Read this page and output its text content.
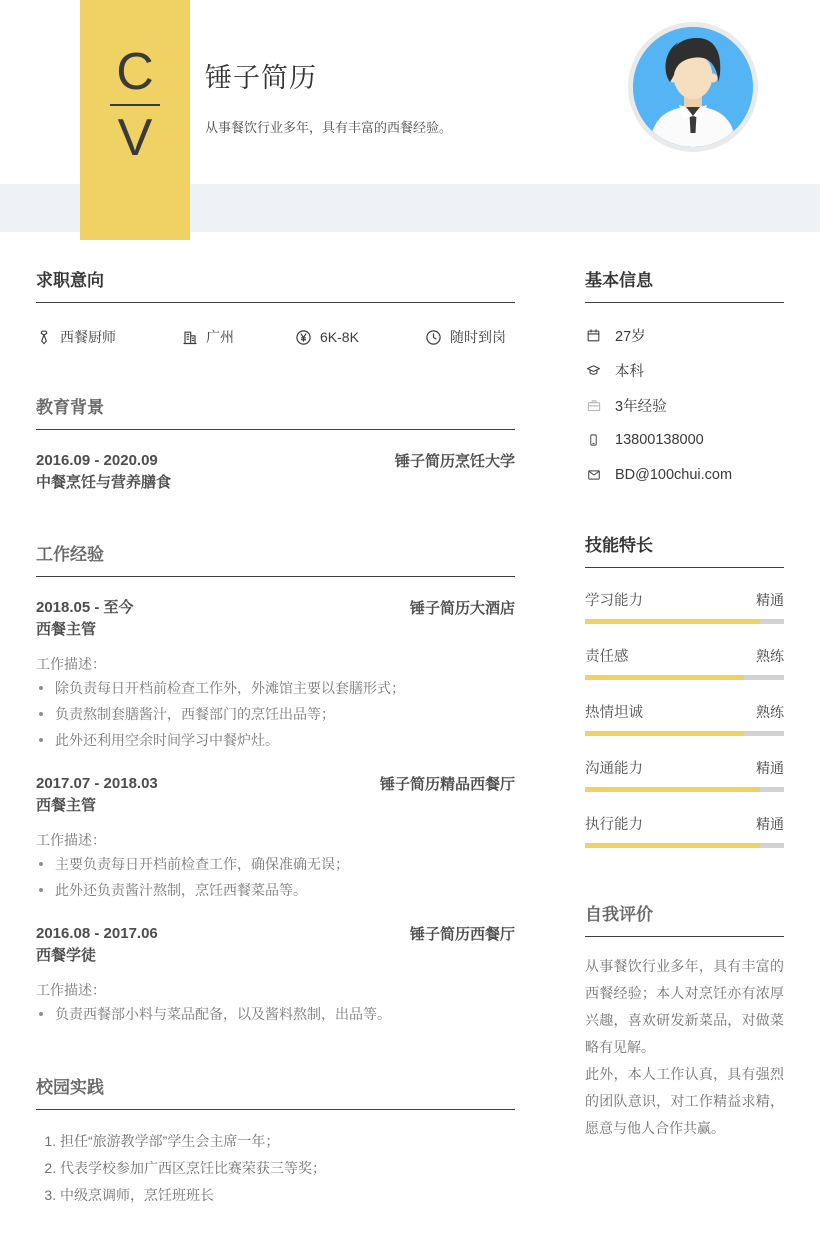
C
V
锤子简历

从事餐饮行业多年，具有丰富的西餐经验。

求职意向
西餐厨师	广州	6K-8K	随时到岗
教育背景
2016.09 - 2020.09
中餐烹饪与营养膳食
锤子简历烹饪大学
工作经验
2018.05 - 至今
西餐主管
锤子简历大酒店
工作描述：
除负责每日开档前检查工作外，外滩馆主要以套膳形式；
负责熬制套膳酱汁，西餐部门的烹饪出品等；
此外还利用空余时间学习中餐炉灶。
2017.07 - 2018.03
西餐主管
锤子简历精品西餐厅
工作描述：
主要负责每日开档前检查工作，确保准确无误；
此外还负责酱汁熬制，烹饪西餐菜品等。
2016.08 - 2017.06
西餐学徒
锤子简历西餐厅
工作描述：
负责西餐部小料与菜品配备，以及酱料熬制，出品等。
校园实践
1. 担任“旅游教学部”学生会主席一年；
2. 代表学校参加广西区烹饪比赛荣获三等奖；
3. 中级烹调师，烹饪班班长
基本信息
27岁
本科
3年经验
13800138000
BD@100chui.com
技能特长
学习能力	精通
责任感	熟练
热情坦诚	熟练
沟通能力	精通
执行能力	精通
自我评价

从事餐饮行业多年，具有丰富的西餐经验；本人对烹饪亦有浓厚兴趣，喜欢研发新菜品，对做菜略有见解。

此外，本人工作认真，具有强烈的团队意识，对工作精益求精，愿意与他人合作共赢。
